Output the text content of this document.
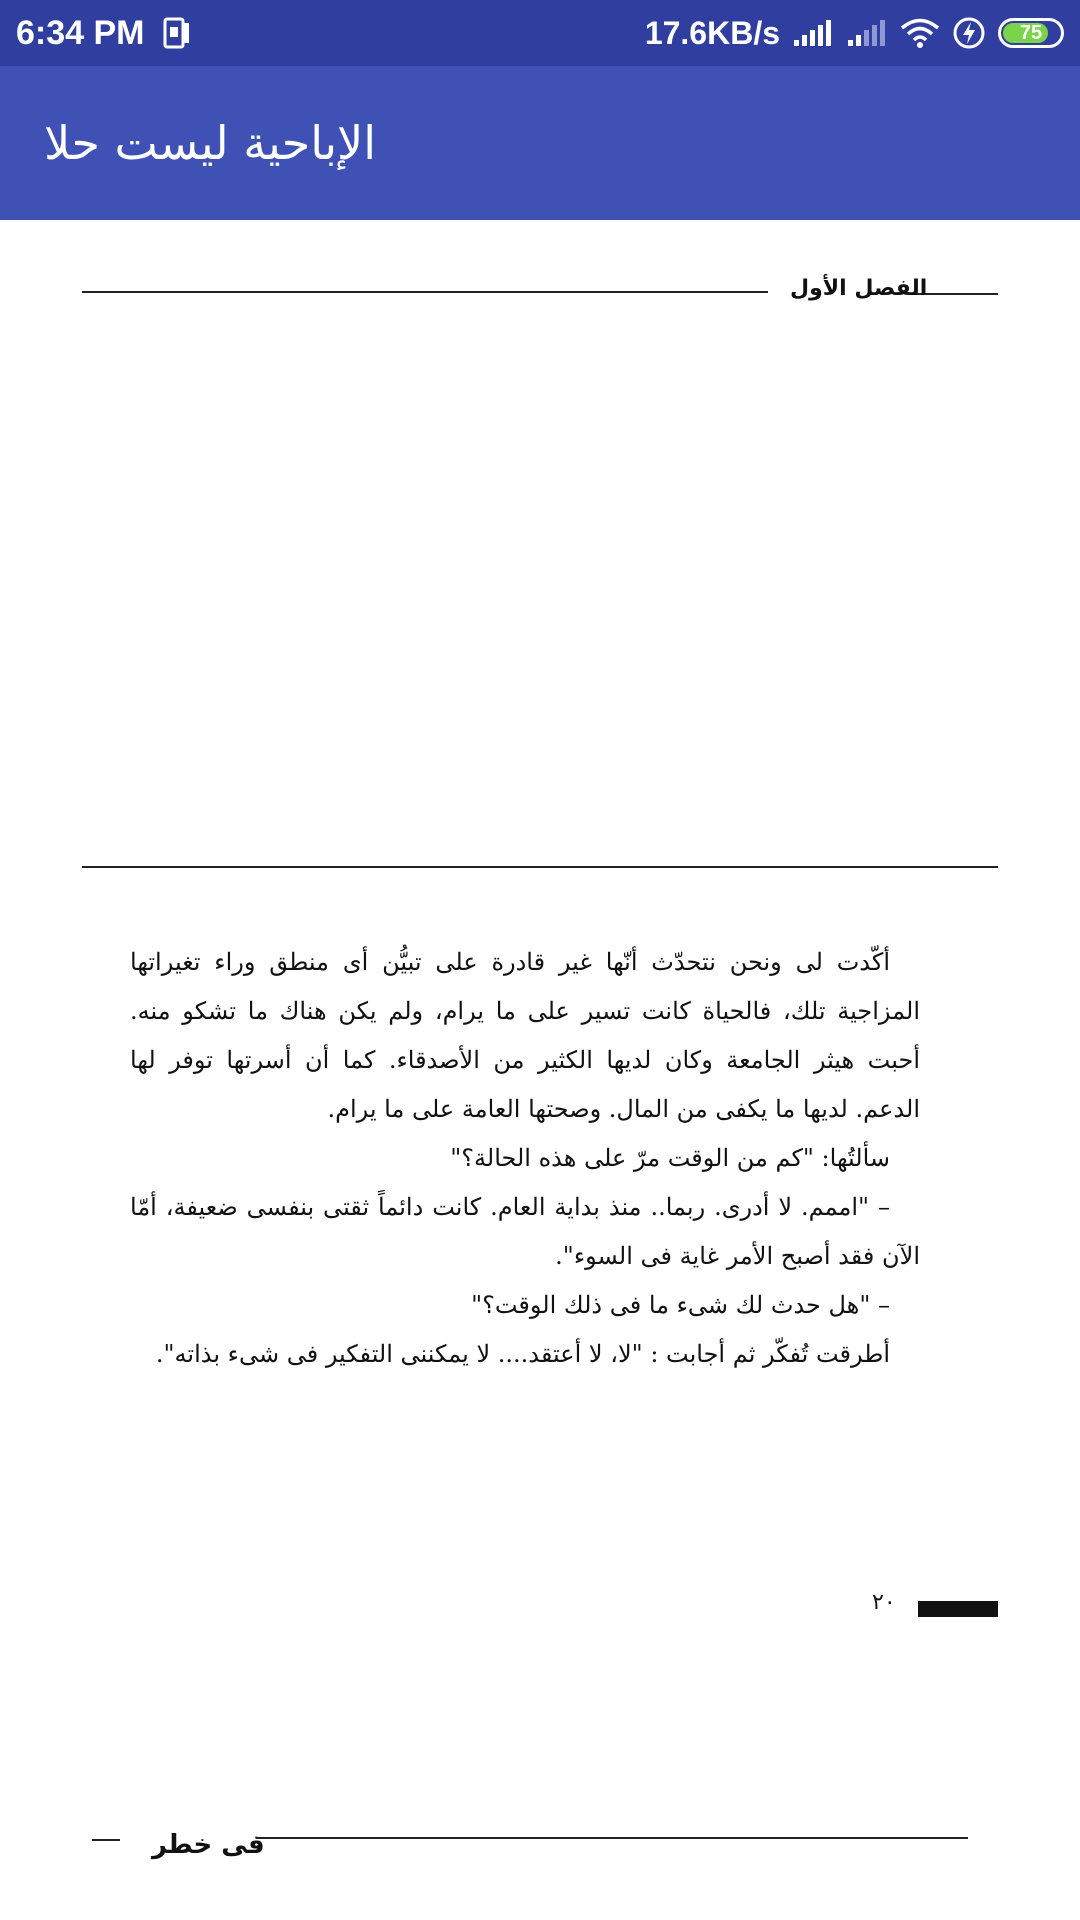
6:34 PM	17.6KB/s	75
الإباحية ليست حلا
الفصل الأول

أكّدت لى ونحن نتحدّث أنّها غير قادرة على تبيُّن أى منطق وراء تغيراتها المزاجية تلك، فالحياة كانت تسير على ما يرام، ولم يكن هناك ما تشكو منه. أحبت هيثر الجامعة وكان لديها الكثير من الأصدقاء. كما أن أسرتها توفر لها الدعم. لديها ما يكفى من المال. وصحتها العامة على ما يرام.

سألتُها: "كم من الوقت مرّ على هذه الحالة؟"

– "اممم. لا أدرى. ربما.. منذ بداية العام. كانت دائماً ثقتى بنفسى ضعيفة، أمّا الآن فقد أصبح الأمر غاية فى السوء".

– "هل حدث لك شىء ما فى ذلك الوقت؟"

أطرقت تُفكّر ثم أجابت : "لا، لا أعتقد.... لا يمكننى التفكير فى شىء بذاته".

٢٠
فى خطر
